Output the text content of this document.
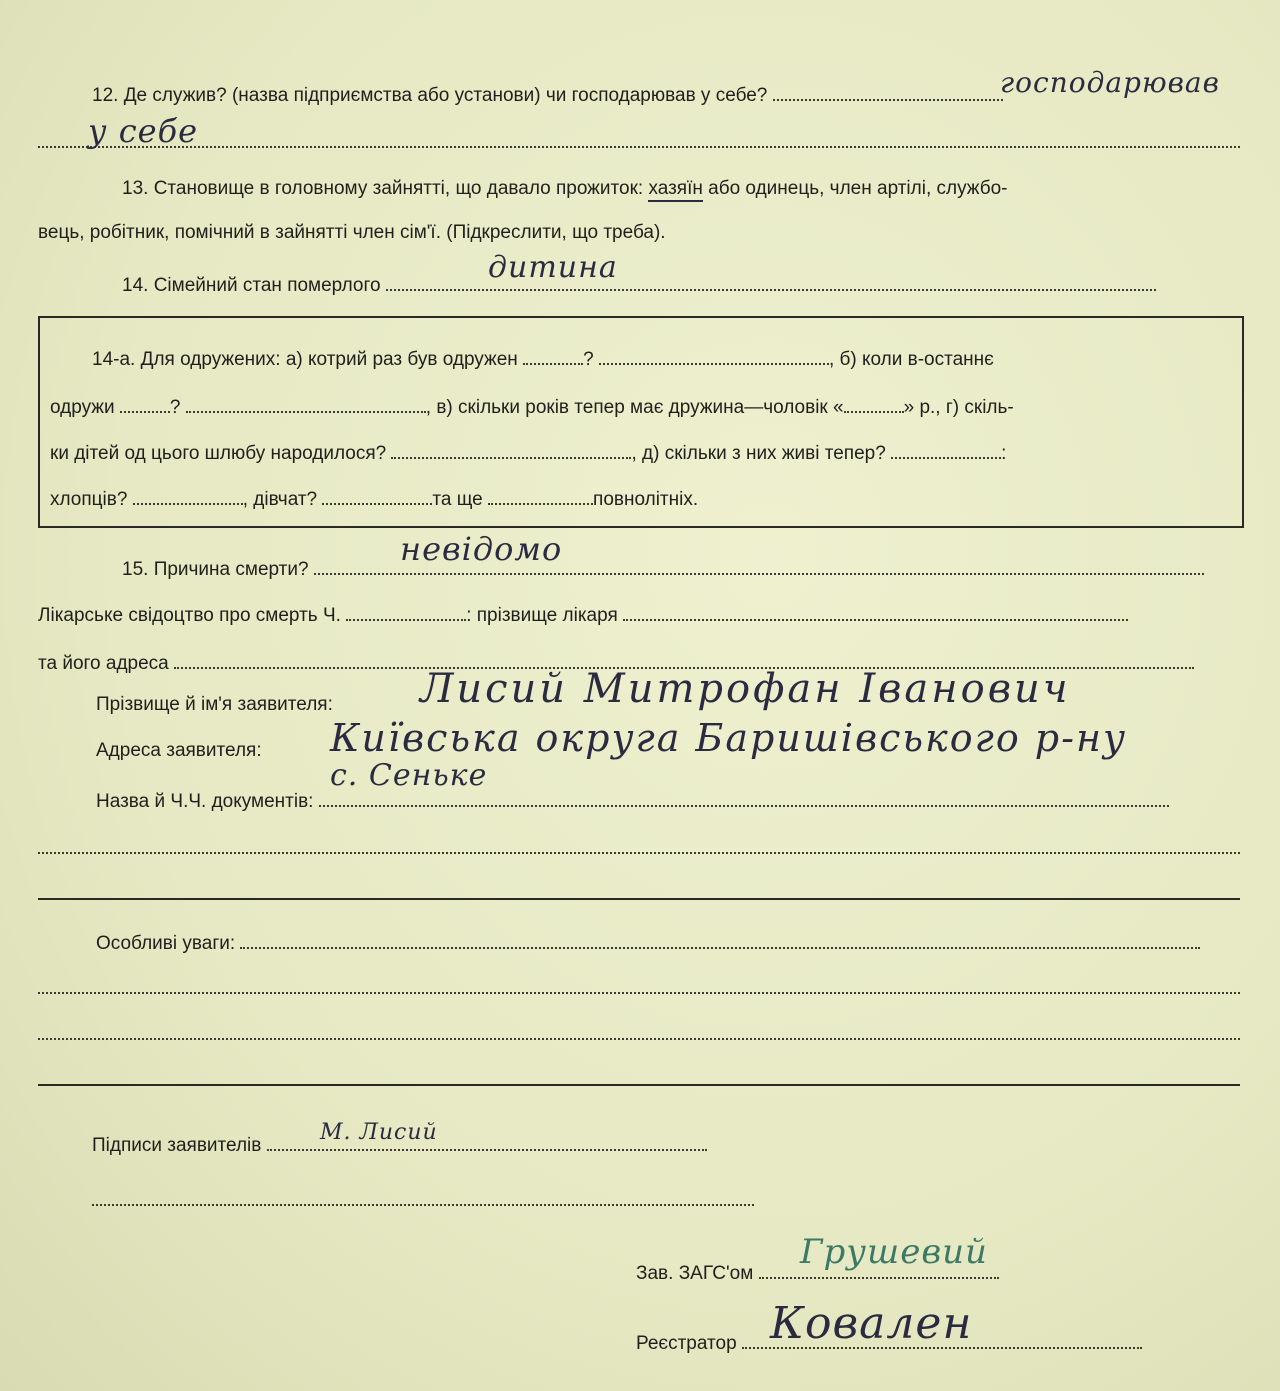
12. Де служив? (назва підприємства або установи) чи господарював у себе?	господарював
у себе
13. Становище в головному зайнятті, що давало прожиток: хазяїн або одинець, член артілі, службо-
вець, робітник, помічний в зайнятті член сім'ї. (Підкреслити, що треба).
14. Сімейний стан померлого
дитина
14-а. Для одружених: а) котрий раз був одружен	?	, б) коли в-останнє
одружи	?	, в) скільки років тепер має дружина—чоловік «	» р., г) скіль-
ки дітей од цього шлюбу народилося?	, д) скільки з них живі тепер?	:
хлопців?	, дівчат?	та ще	повнолітніх.
15. Причина смерти?
невідомо
Лікарське свідоцтво про смерть Ч.	: прізвище лікаря
та його адреса
Прізвище й ім'я заявителя: Лисий Митрофан Іванович
Адреса заявителя: Київська округа Баришівського р-ну
с. Сеньке
Назва й Ч.Ч. документів:
Особливі уваги:
Підписи заявителів
М. Лисий
Зав. ЗАГС'ом
Грушевий
Реєстратор Ковален
